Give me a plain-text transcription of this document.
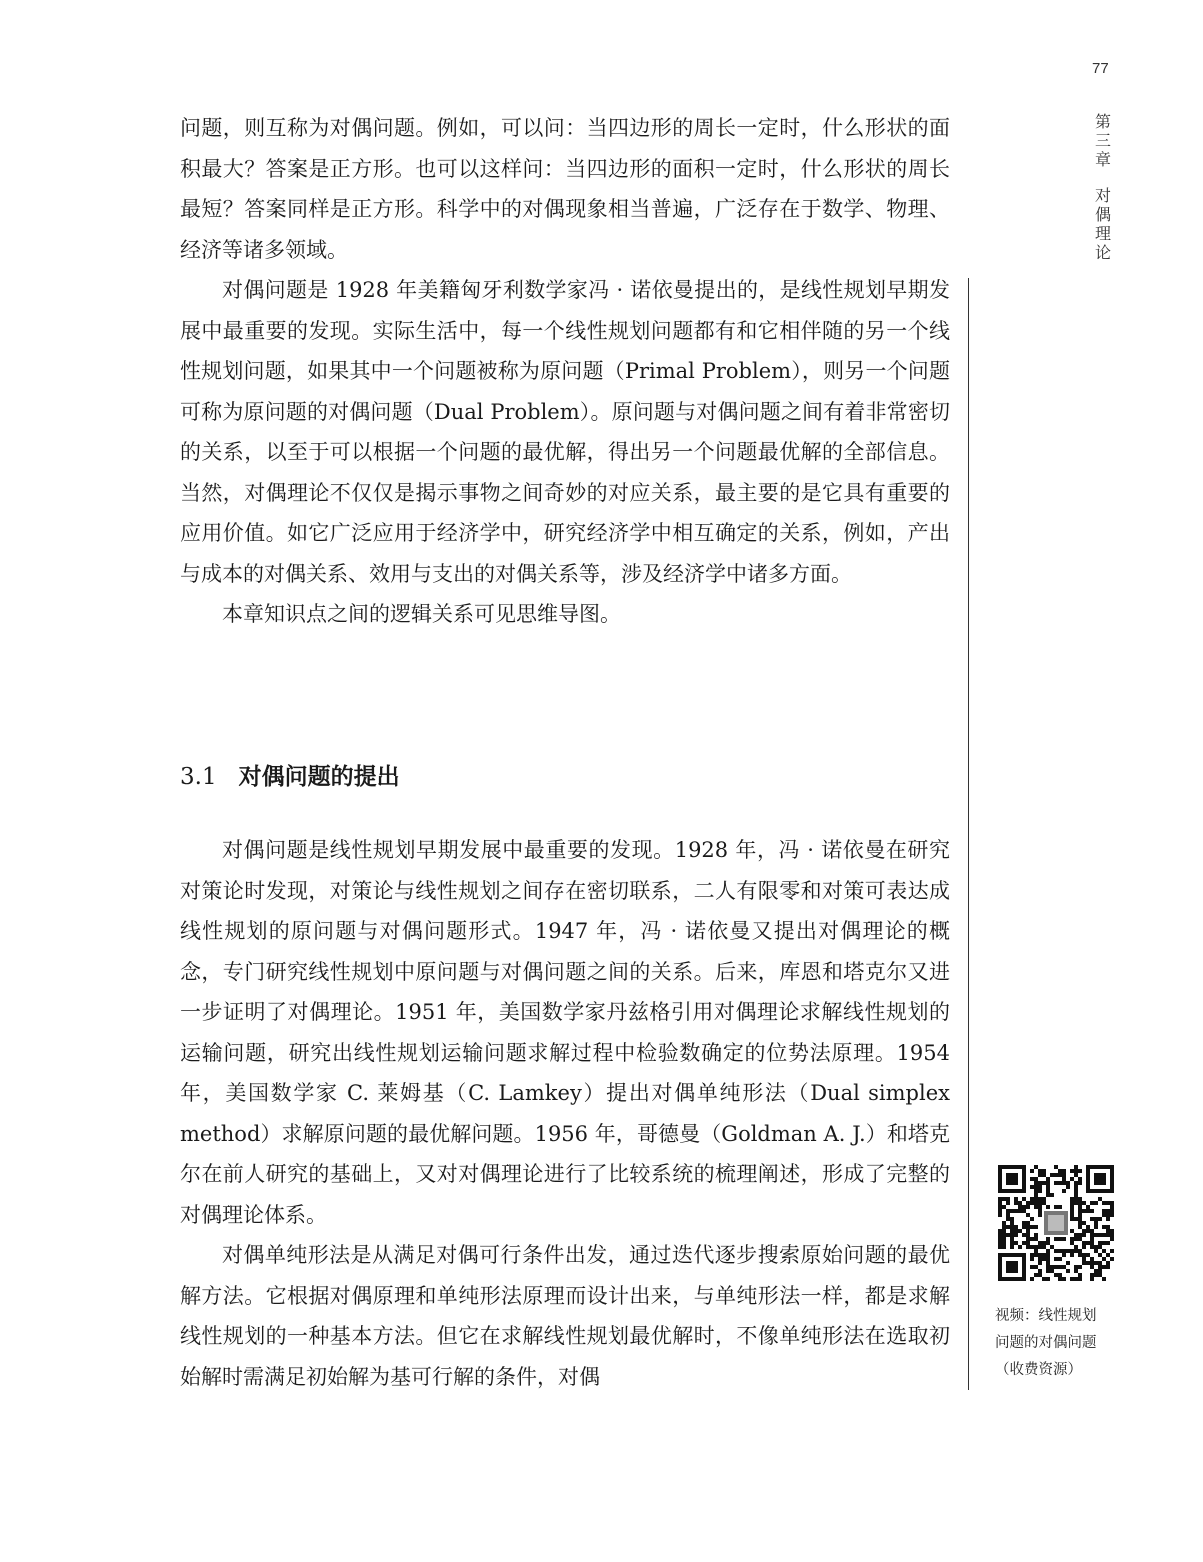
77
第三章
对偶理论

问题，则互称为对偶问题。例如，可以问：当四边形的周长一定时，什么形状的面积最大？答案是正方形。也可以这样问：当四边形的面积一定时，什么形状的周长最短？答案同样是正方形。科学中的对偶现象相当普遍，广泛存在于数学、物理、经济等诸多领域。

对偶问题是 1928 年美籍匈牙利数学家冯 · 诺依曼提出的，是线性规划早期发展中最重要的发现。实际生活中，每一个线性规划问题都有和它相伴随的另一个线性规划问题，如果其中一个问题被称为原问题（Primal Problem），则另一个问题可称为原问题的对偶问题（Dual Problem）。原问题与对偶问题之间有着非常密切的关系，以至于可以根据一个问题的最优解，得出另一个问题最优解的全部信息。当然，对偶理论不仅仅是揭示事物之间奇妙的对应关系，最主要的是它具有重要的应用价值。如它广泛应用于经济学中，研究经济学中相互确定的关系，例如，产出与成本的对偶关系、效用与支出的对偶关系等，涉及经济学中诸多方面。

本章知识点之间的逻辑关系可见思维导图。

3.1 对偶问题的提出

对偶问题是线性规划早期发展中最重要的发现。1928 年，冯 · 诺依曼在研究对策论时发现，对策论与线性规划之间存在密切联系，二人有限零和对策可表达成线性规划的原问题与对偶问题形式。1947 年，冯 · 诺依曼又提出对偶理论的概念，专门研究线性规划中原问题与对偶问题之间的关系。后来，库恩和塔克尔又进一步证明了对偶理论。1951 年，美国数学家丹兹格引用对偶理论求解线性规划的运输问题，研究出线性规划运输问题求解过程中检验数确定的位势法原理。1954 年，美国数学家 C. 莱姆基（C. Lamkey）提出对偶单纯形法（Dual simplex method）求解原问题的最优解问题。1956 年，哥德曼（Goldman A. J.）和塔克尔在前人研究的基础上，又对对偶理论进行了比较系统的梳理阐述，形成了完整的对偶理论体系。

对偶单纯形法是从满足对偶可行条件出发，通过迭代逐步搜索原始问题的最优解方法。它根据对偶原理和单纯形法原理而设计出来，与单纯形法一样，都是求解线性规划的一种基本方法。但它在求解线性规划最优解时，不像单纯形法在选取初始解时需满足初始解为基可行解的条件，对偶

视频：线性规划
问题的对偶问题
（收费资源）
